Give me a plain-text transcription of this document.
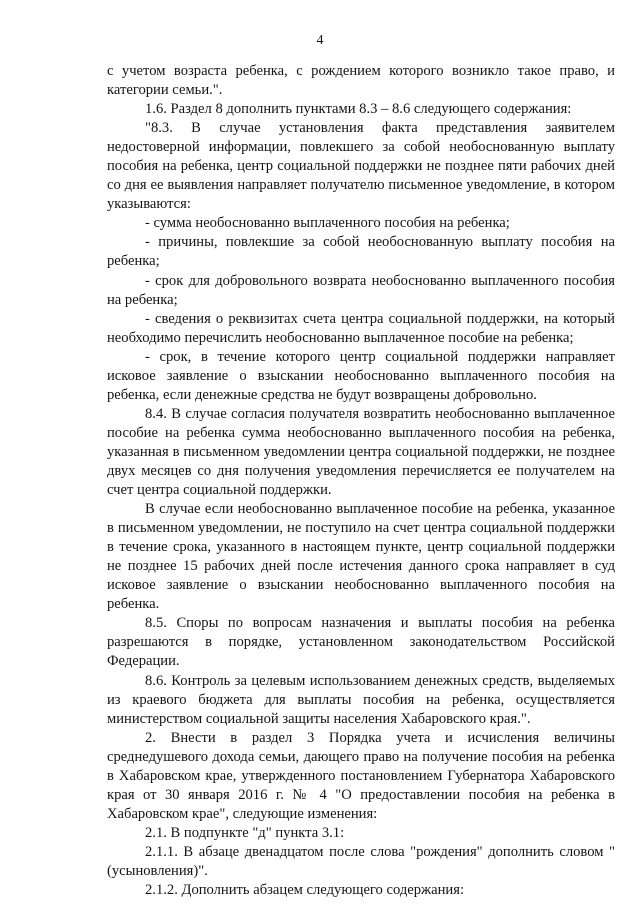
4

с учетом возраста ребенка, с рождением которого возникло такое право, и категории семьи.".

1.6. Раздел 8 дополнить пунктами 8.3 – 8.6 следующего содержания:

"8.3. В случае установления факта представления заявителем недостоверной информации, повлекшего за собой необоснованную выплату пособия на ребенка, центр социальной поддержки не позднее пяти рабочих дней со дня ее выявления направляет получателю письменное уведомление, в котором указываются:

- сумма необоснованно выплаченного пособия на ребенка;

- причины, повлекшие за собой необоснованную выплату пособия на ребенка;

- срок для добровольного возврата необоснованно выплаченного пособия на ребенка;

- сведения о реквизитах счета центра социальной поддержки, на который необходимо перечислить необоснованно выплаченное пособие на ребенка;

- срок, в течение которого центр социальной поддержки направляет исковое заявление о взыскании необоснованно выплаченного пособия на ребенка, если денежные средства не будут возвращены добровольно.

8.4. В случае согласия получателя возвратить необоснованно выплаченное пособие на ребенка сумма необоснованно выплаченного пособия на ребенка, указанная в письменном уведомлении центра социальной поддержки, не позднее двух месяцев со дня получения уведомления перечисляется ее получателем на счет центра социальной поддержки.

В случае если необоснованно выплаченное пособие на ребенка, указанное в письменном уведомлении, не поступило на счет центра социальной поддержки в течение срока, указанного в настоящем пункте, центр социальной поддержки не позднее 15 рабочих дней после истечения данного срока направляет в суд исковое заявление о взыскании необоснованно выплаченного пособия на ребенка.

8.5. Споры по вопросам назначения и выплаты пособия на ребенка разрешаются в порядке, установленном законодательством Российской Федерации.

8.6. Контроль за целевым использованием денежных средств, выделяемых из краевого бюджета для выплаты пособия на ребенка, осуществляется министерством социальной защиты населения Хабаровского края.".

2. Внести в раздел 3 Порядка учета и исчисления величины среднедушевого дохода семьи, дающего право на получение пособия на ребенка в Хабаровском крае, утвержденного постановлением Губернатора Хабаровского края от 30 января 2016 г. № 4 "О предоставлении пособия на ребенка в Хабаровском крае", следующие изменения:

2.1. В подпункте "д" пункта 3.1:

2.1.1. В абзаце двенадцатом после слова "рождения" дополнить словом "(усыновления)".

2.1.2. Дополнить абзацем следующего содержания:
